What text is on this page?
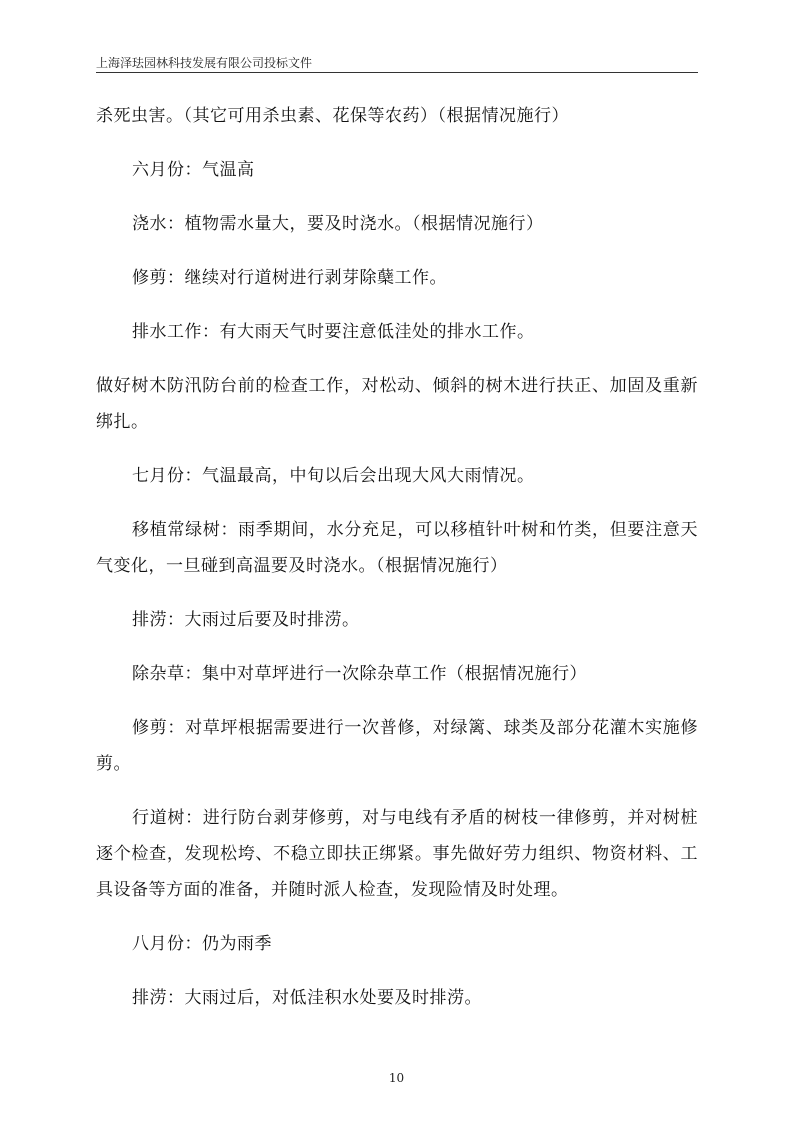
上海泽珐园林科技发展有限公司投标文件

杀死虫害。（其它可用杀虫素、花保等农药）（根据情况施行）

六月份：气温高

浇水：植物需水量大，要及时浇水。（根据情况施行）

修剪：继续对行道树进行剥芽除蘖工作。

排水工作：有大雨天气时要注意低洼处的排水工作。

做好树木防汛防台前的检查工作，对松动、倾斜的树木进行扶正、加固及重新绑扎。

七月份：气温最高，中旬以后会出现大风大雨情况。

移植常绿树：雨季期间，水分充足，可以移植针叶树和竹类，但要注意天气变化，一旦碰到高温要及时浇水。（根据情况施行）

排涝：大雨过后要及时排涝。

除杂草：集中对草坪进行一次除杂草工作（根据情况施行）

修剪：对草坪根据需要进行一次普修，对绿篱、球类及部分花灌木实施修剪。

行道树：进行防台剥芽修剪，对与电线有矛盾的树枝一律修剪，并对树桩逐个检查，发现松垮、不稳立即扶正绑紧。事先做好劳力组织、物资材料、工具设备等方面的准备，并随时派人检查，发现险情及时处理。

八月份：仍为雨季

排涝：大雨过后，对低洼积水处要及时排涝。

10
